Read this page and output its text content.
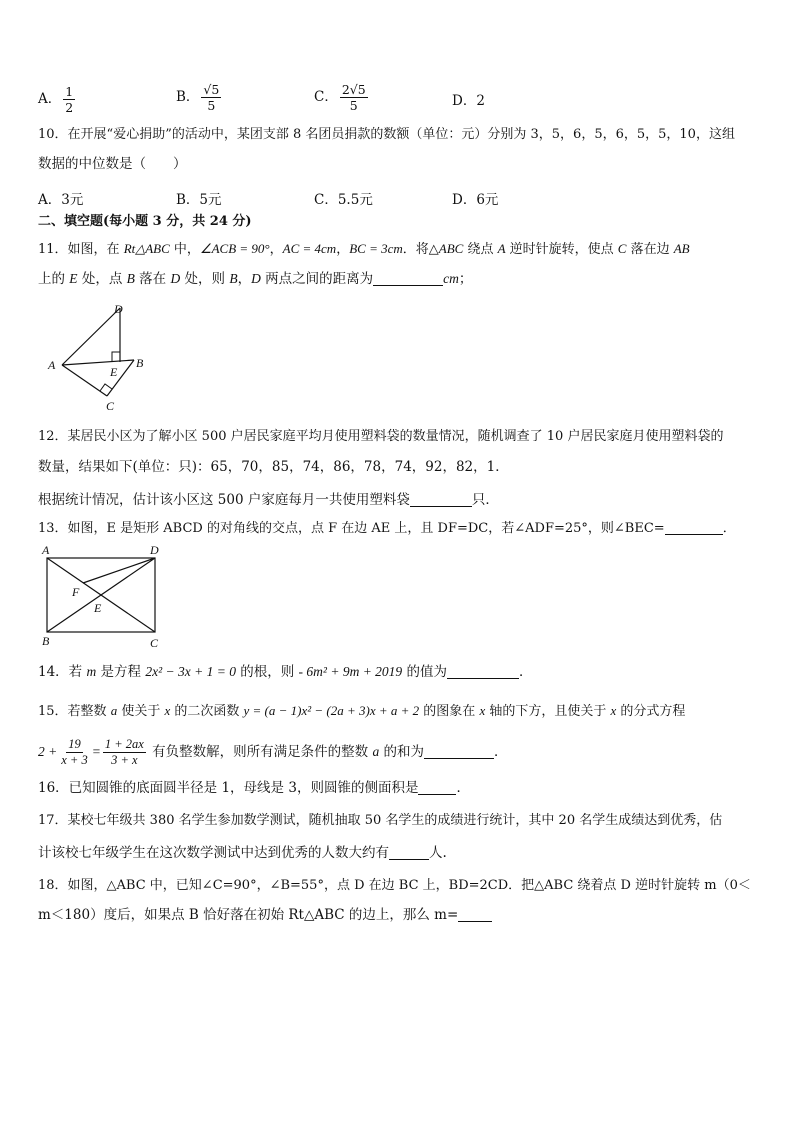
A． $\frac{1}{2}$	B． $\frac{√5}{5}$	C． $\frac{2√5}{5}$	D．2
10．在开展“爱心捐助”的活动中，某团支部 8 名团员捐款的数额（单位：元）分别为 3，5，6，5，6，5，5，10，这组
数据的中位数是（　　）
A．3元	B．5元	C．5.5元	D．6元
二、填空题(每小题 3 分，共 24 分)
11．如图，在 Rt△ABC 中，∠ACB = 90°，AC = 4cm，BC = 3cm．将△ABC 绕点 A 逆时针旋转，使点 C 落在边 AB
上的 E 处，点 B 落在 D 处，则 B，D 两点之间的距离为	cm；
A
D
B
E
C
12．某居民小区为了解小区 500 户居民家庭平均月使用塑料袋的数量情况，随机调查了 10 户居民家庭月使用塑料袋的
数量，结果如下(单位：只)：65，70，85，74，86，78，74，92，82，1．
根据统计情况，估计该小区这 500 户家庭每月一共使用塑料袋	只．
13．如图，E 是矩形 ABCD 的对角线的交点，点 F 在边 AE 上，且 DF=DC，若∠ADF=25°，则∠BEC=	．
A	D
B	C
F
E
14．若 m 是方程 2x² − 3x + 1 = 0 的根，则 - 6m² + 9m + 2019 的值为	．
15．若整数 a 使关于 x 的二次函数 y = (a − 1)x² − (2a + 3)x + a + 2 的图象在 x 轴的下方，且使关于 x 的分式方程
$2 + \frac{19}{x + 3} = \frac{1 + 2ax}{3 + x}$ 有负整数解，则所有满足条件的整数 a 的和为	．
16．已知圆锥的底面圆半径是 1，母线是 3，则圆锥的侧面积是	．
17．某校七年级共 380 名学生参加数学测试，随机抽取 50 名学生的成绩进行统计，其中 20 名学生成绩达到优秀，估
计该校七年级学生在这次数学测试中达到优秀的人数大约有	人.
18．如图，△ABC 中，已知∠C=90°，∠B=55°，点 D 在边 BC 上，BD=2CD．把△ABC 绕着点 D 逆时针旋转 m（0＜
m＜180）度后，如果点 B 恰好落在初始 Rt△ABC 的边上，那么 m=
